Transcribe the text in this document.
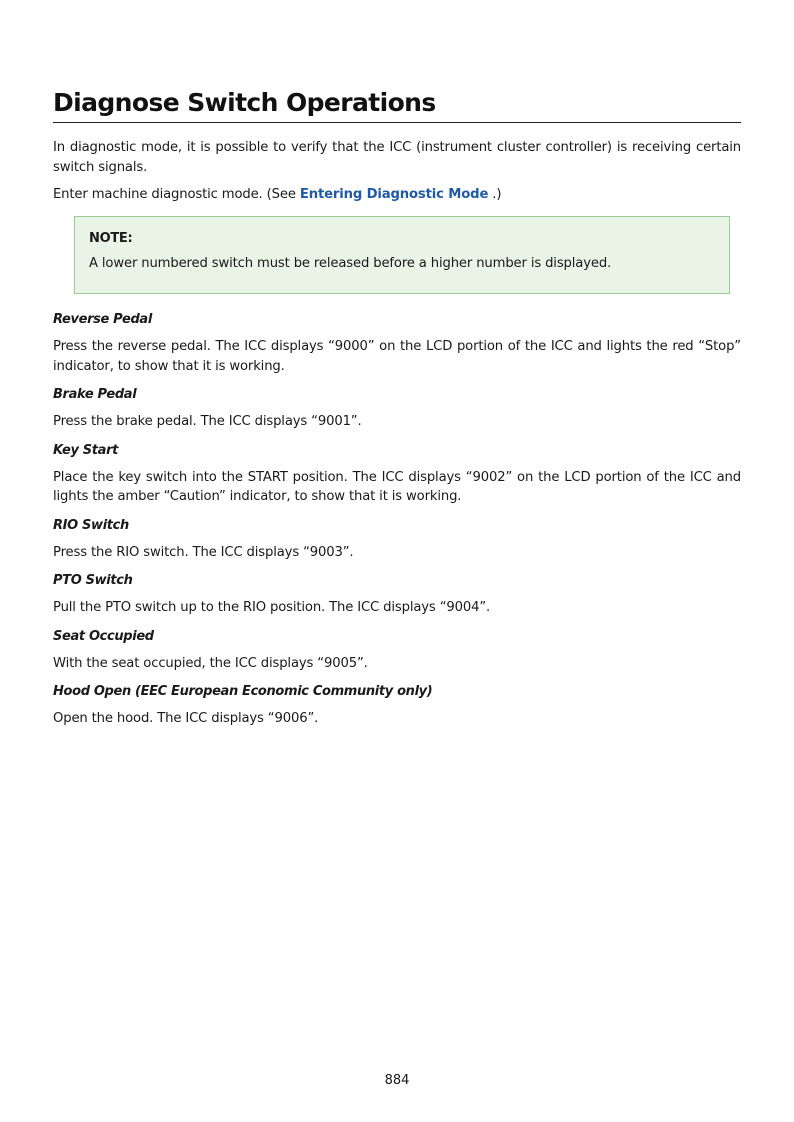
Diagnose Switch Operations

In diagnostic mode, it is possible to verify that the ICC (instrument cluster controller) is receiving certain switch signals.

Enter machine diagnostic mode. (See Entering Diagnostic Mode .)

NOTE:

A lower numbered switch must be released before a higher number is displayed.

Reverse Pedal

Press the reverse pedal. The ICC displays “9000” on the LCD portion of the ICC and lights the red “Stop” indicator, to show that it is working.

Brake Pedal

Press the brake pedal. The ICC displays “9001”.

Key Start

Place the key switch into the START position. The ICC displays “9002” on the LCD portion of the ICC and lights the amber “Caution” indicator, to show that it is working.

RIO Switch

Press the RIO switch. The ICC displays “9003”.

PTO Switch

Pull the PTO switch up to the RIO position. The ICC displays “9004”.

Seat Occupied

With the seat occupied, the ICC displays “9005”.

Hood Open (EEC European Economic Community only)

Open the hood. The ICC displays “9006”.

884
